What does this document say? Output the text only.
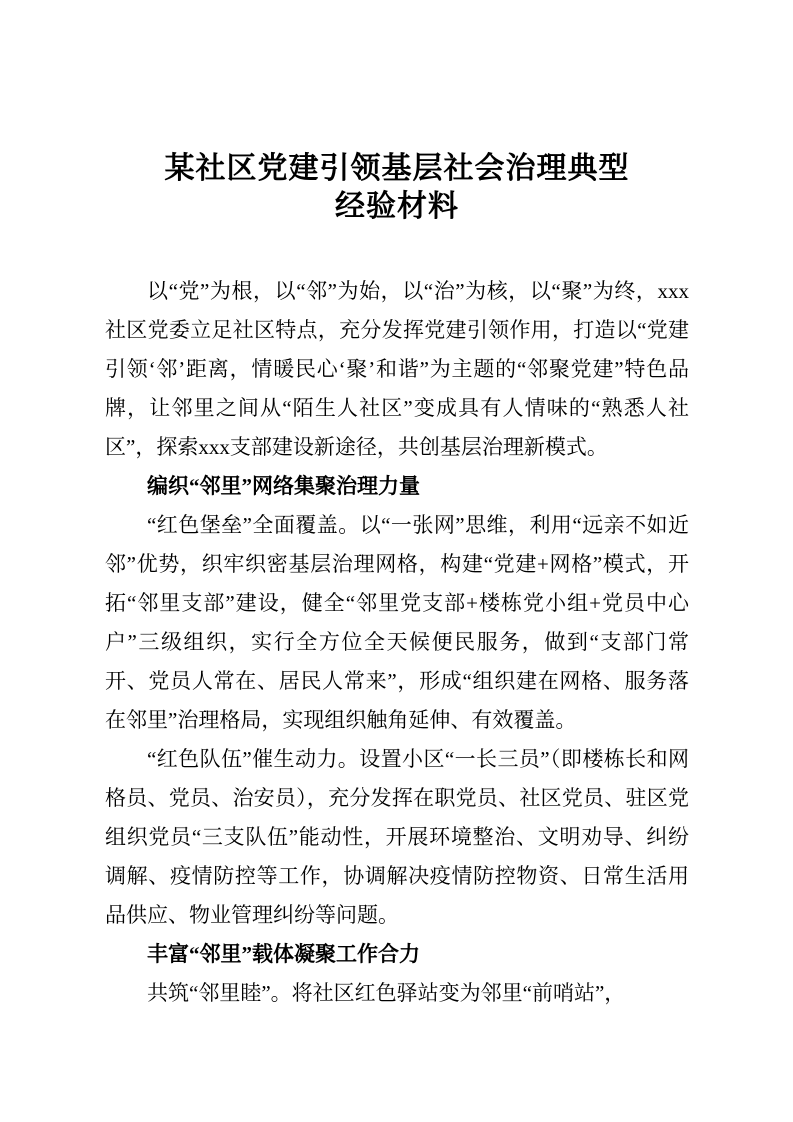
某社区党建引领基层社会治理典型
经验材料

以“党”为根，以“邻”为始，以“治”为核，以“聚”为终，xxx社区党委立足社区特点，充分发挥党建引领作用，打造以“党建引领‘邻’距离，情暖民心‘聚’和谐”为主题的“邻聚党建”特色品牌，让邻里之间从“陌生人社区”变成具有人情味的“熟悉人社区”，探索xxx支部建设新途径，共创基层治理新模式。

编织“邻里”网络集聚治理力量

“红色堡垒”全面覆盖。以“一张网”思维，利用“远亲不如近邻”优势，织牢织密基层治理网格，构建“党建+网格”模式，开拓“邻里支部”建设，健全“邻里党支部+楼栋党小组+党员中心户”三级组织，实行全方位全天候便民服务，做到“支部门常开、党员人常在、居民人常来”，形成“组织建在网格、服务落在邻里”治理格局，实现组织触角延伸、有效覆盖。

“红色队伍”催生动力。设置小区“一长三员”（即楼栋长和网格员、党员、治安员），充分发挥在职党员、社区党员、驻区党组织党员“三支队伍”能动性，开展环境整治、文明劝导、纠纷调解、疫情防控等工作，协调解决疫情防控物资、日常生活用品供应、物业管理纠纷等问题。

丰富“邻里”载体凝聚工作合力

共筑“邻里睦”。将社区红色驿站变为邻里“前哨站”，
